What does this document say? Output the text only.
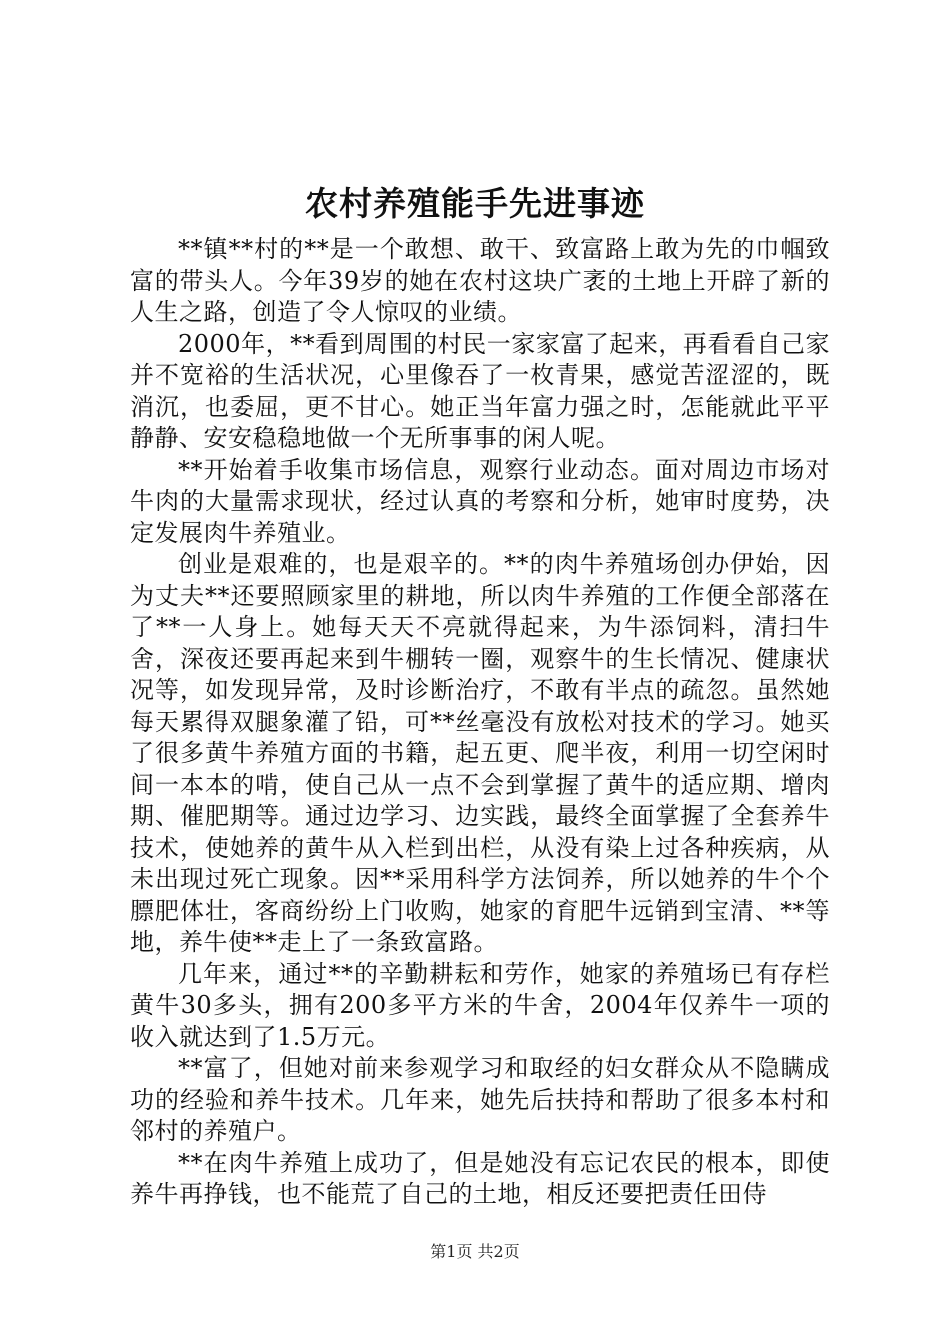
农村养殖能手先进事迹

**镇**村的**是一个敢想、敢干、致富路上敢为先的巾帼致富的带头人。今年39岁的她在农村这块广袤的土地上开辟了新的人生之路，创造了令人惊叹的业绩。

2000年，**看到周围的村民一家家富了起来，再看看自己家并不宽裕的生活状况，心里像吞了一枚青果，感觉苦涩涩的，既消沉，也委屈，更不甘心。她正当年富力强之时，怎能就此平平静静、安安稳稳地做一个无所事事的闲人呢。

**开始着手收集市场信息，观察行业动态。面对周边市场对牛肉的大量需求现状，经过认真的考察和分析，她审时度势，决定发展肉牛养殖业。

创业是艰难的，也是艰辛的。**的肉牛养殖场创办伊始，因为丈夫**还要照顾家里的耕地，所以肉牛养殖的工作便全部落在了**一人身上。她每天天不亮就得起来，为牛添饲料，清扫牛舍，深夜还要再起来到牛棚转一圈，观察牛的生长情况、健康状况等，如发现异常，及时诊断治疗，不敢有半点的疏忽。虽然她每天累得双腿象灌了铅，可**丝毫没有放松对技术的学习。她买了很多黄牛养殖方面的书籍，起五更、爬半夜，利用一切空闲时间一本本的啃，使自己从一点不会到掌握了黄牛的适应期、增肉期、催肥期等。通过边学习、边实践，最终全面掌握了全套养牛技术，使她养的黄牛从入栏到出栏，从没有染上过各种疾病，从未出现过死亡现象。因**采用科学方法饲养，所以她养的牛个个膘肥体壮，客商纷纷上门收购，她家的育肥牛远销到宝清、**等地，养牛使**走上了一条致富路。

几年来，通过**的辛勤耕耘和劳作，她家的养殖场已有存栏黄牛30多头，拥有200多平方米的牛舍，2004年仅养牛一项的收入就达到了1.5万元。

**富了，但她对前来参观学习和取经的妇女群众从不隐瞒成功的经验和养牛技术。几年来，她先后扶持和帮助了很多本村和邻村的养殖户。

**在肉牛养殖上成功了，但是她没有忘记农民的根本，即使养牛再挣钱，也不能荒了自己的土地，相反还要把责任田侍

第1页 共2页
